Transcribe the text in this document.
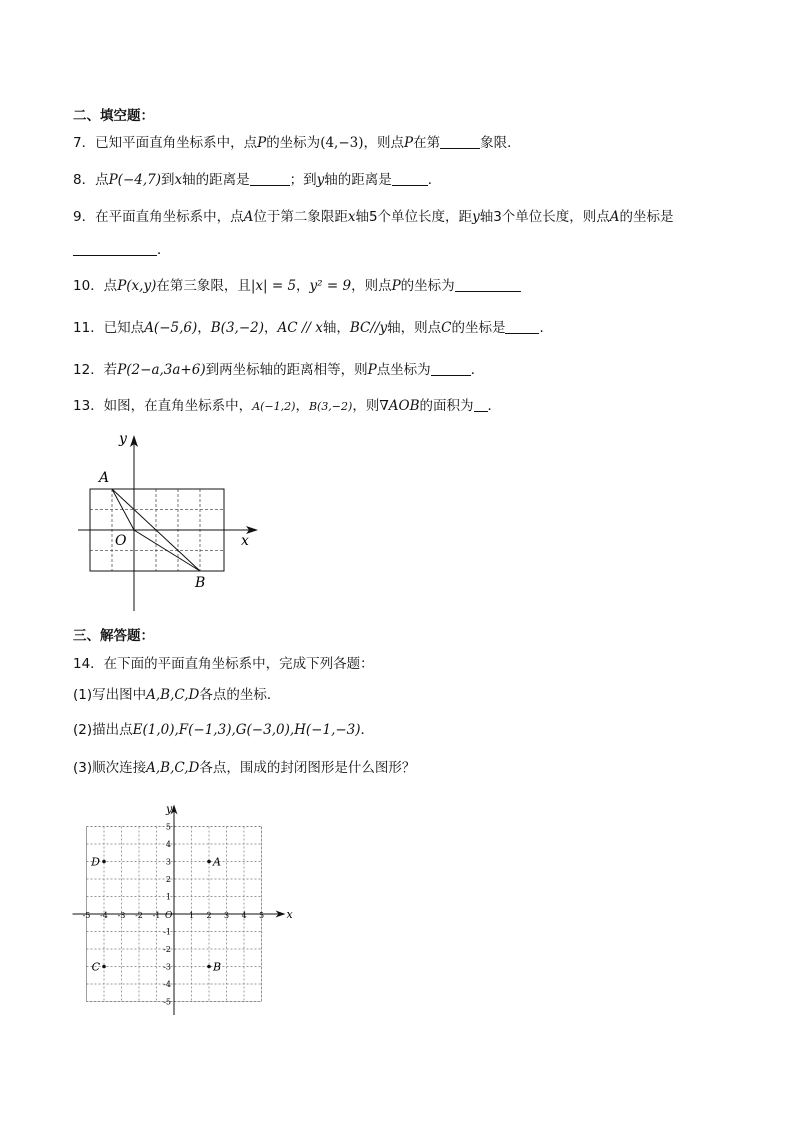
二、填空题：
7．已知平面直角坐标系中，点P的坐标为(4,−3)，则点P在第	象限．
8．点P(−4,7)到x轴的距离是	；到y轴的距离是	．
9．在平面直角坐标系中，点A位于第二象限距x轴5个单位长度，距y轴3个单位长度，则点A的坐标是
．
10．点P(x,y)在第三象限，且|x| = 5，y² = 9，则点P的坐标为
11．已知点A(−5,6)，B(3,−2)，AC // x轴，BC//y轴，则点C的坐标是	．
12．若P(2−a,3a+6)到两坐标轴的距离相等，则P点坐标为	．
13．如图，在直角坐标系中，A(−1,2)，B(3,−2)，则∇AOB的面积为 ．
y
x
A
O
B
三、解答题：
14．在下面的平面直角坐标系中，完成下列各题：
(1)写出图中A,B,C,D各点的坐标．
(2)描出点E(1,0),F(−1,3),G(−3,0),H(−1,−3)．
(3)顺次连接A,B,C,D各点，围成的封闭图形是什么图形？
-5 -4 -3 -2 -1	1 2 3 4 5
5
4
3
2
1
-1
-2
-3
-4
-5
A
B
C
D
y
x
O
